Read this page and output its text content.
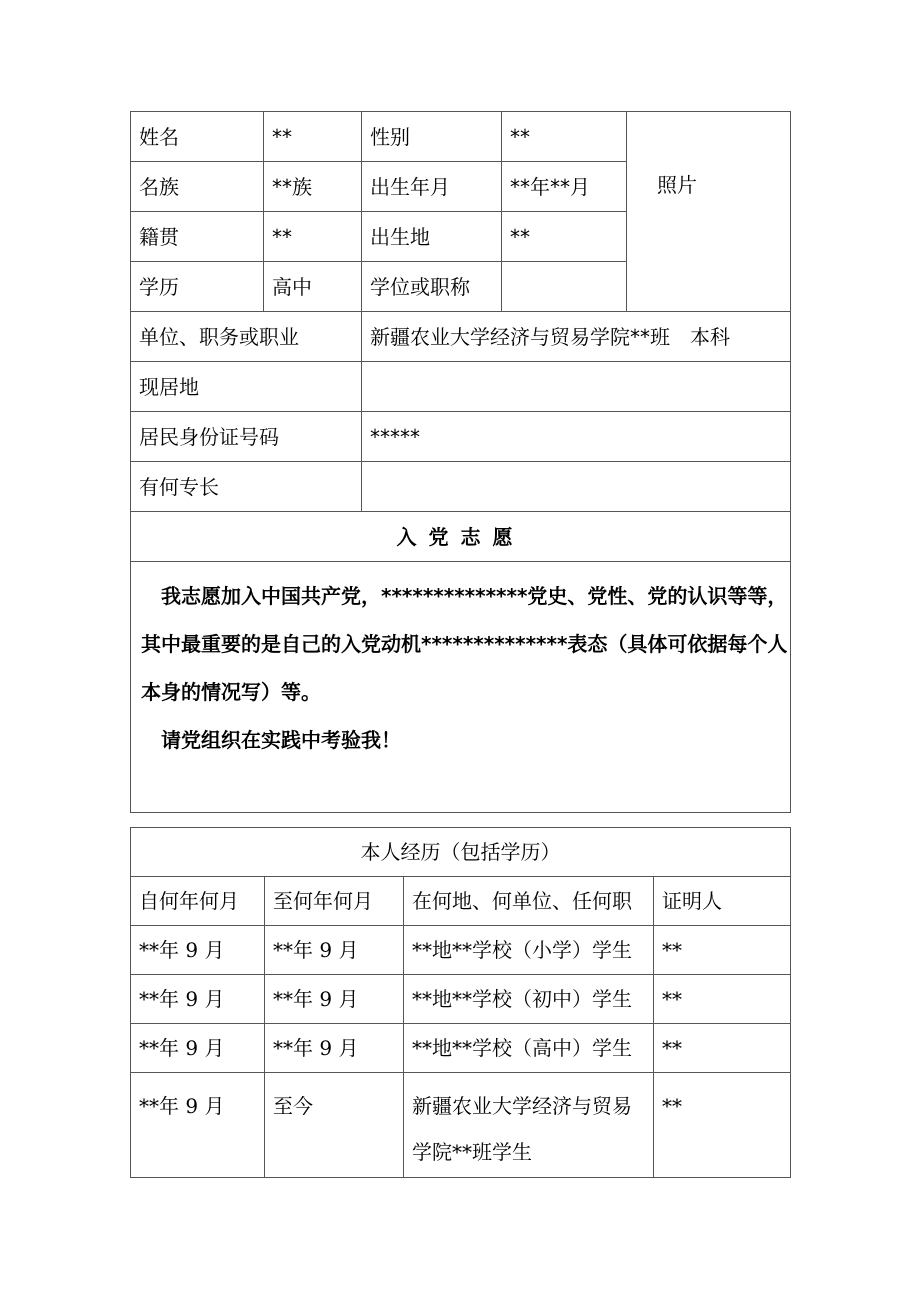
姓名	**	性别	**	照片
名族	**族	出生年月	**年**月	
籍贯	**	出生地	**	
学历	高中	学位或职称		
单位、职务或职业		新疆农业大学经济与贸易学院**班　本科		
现居地				
居民身份证号码		*****		
有何专长				
入党志愿				

我志愿加入中国共产党，**************党史、党性、党的认识等等，其中最重要的是自己的入党动机**************表态（具体可依据每个人本身的情况写）等。

请党组织在实践中考验我！				

本人经历（包括学历）			
自何年何月	至何年何月	在何地、何单位、任何职	证明人
**年 9 月	**年 9 月	**地**学校（小学）学生	**
**年 9 月	**年 9 月	**地**学校（初中）学生	**
**年 9 月	**年 9 月	**地**学校（高中）学生	**
**年 9 月	至今	新疆农业大学经济与贸易学院**班学生	**
